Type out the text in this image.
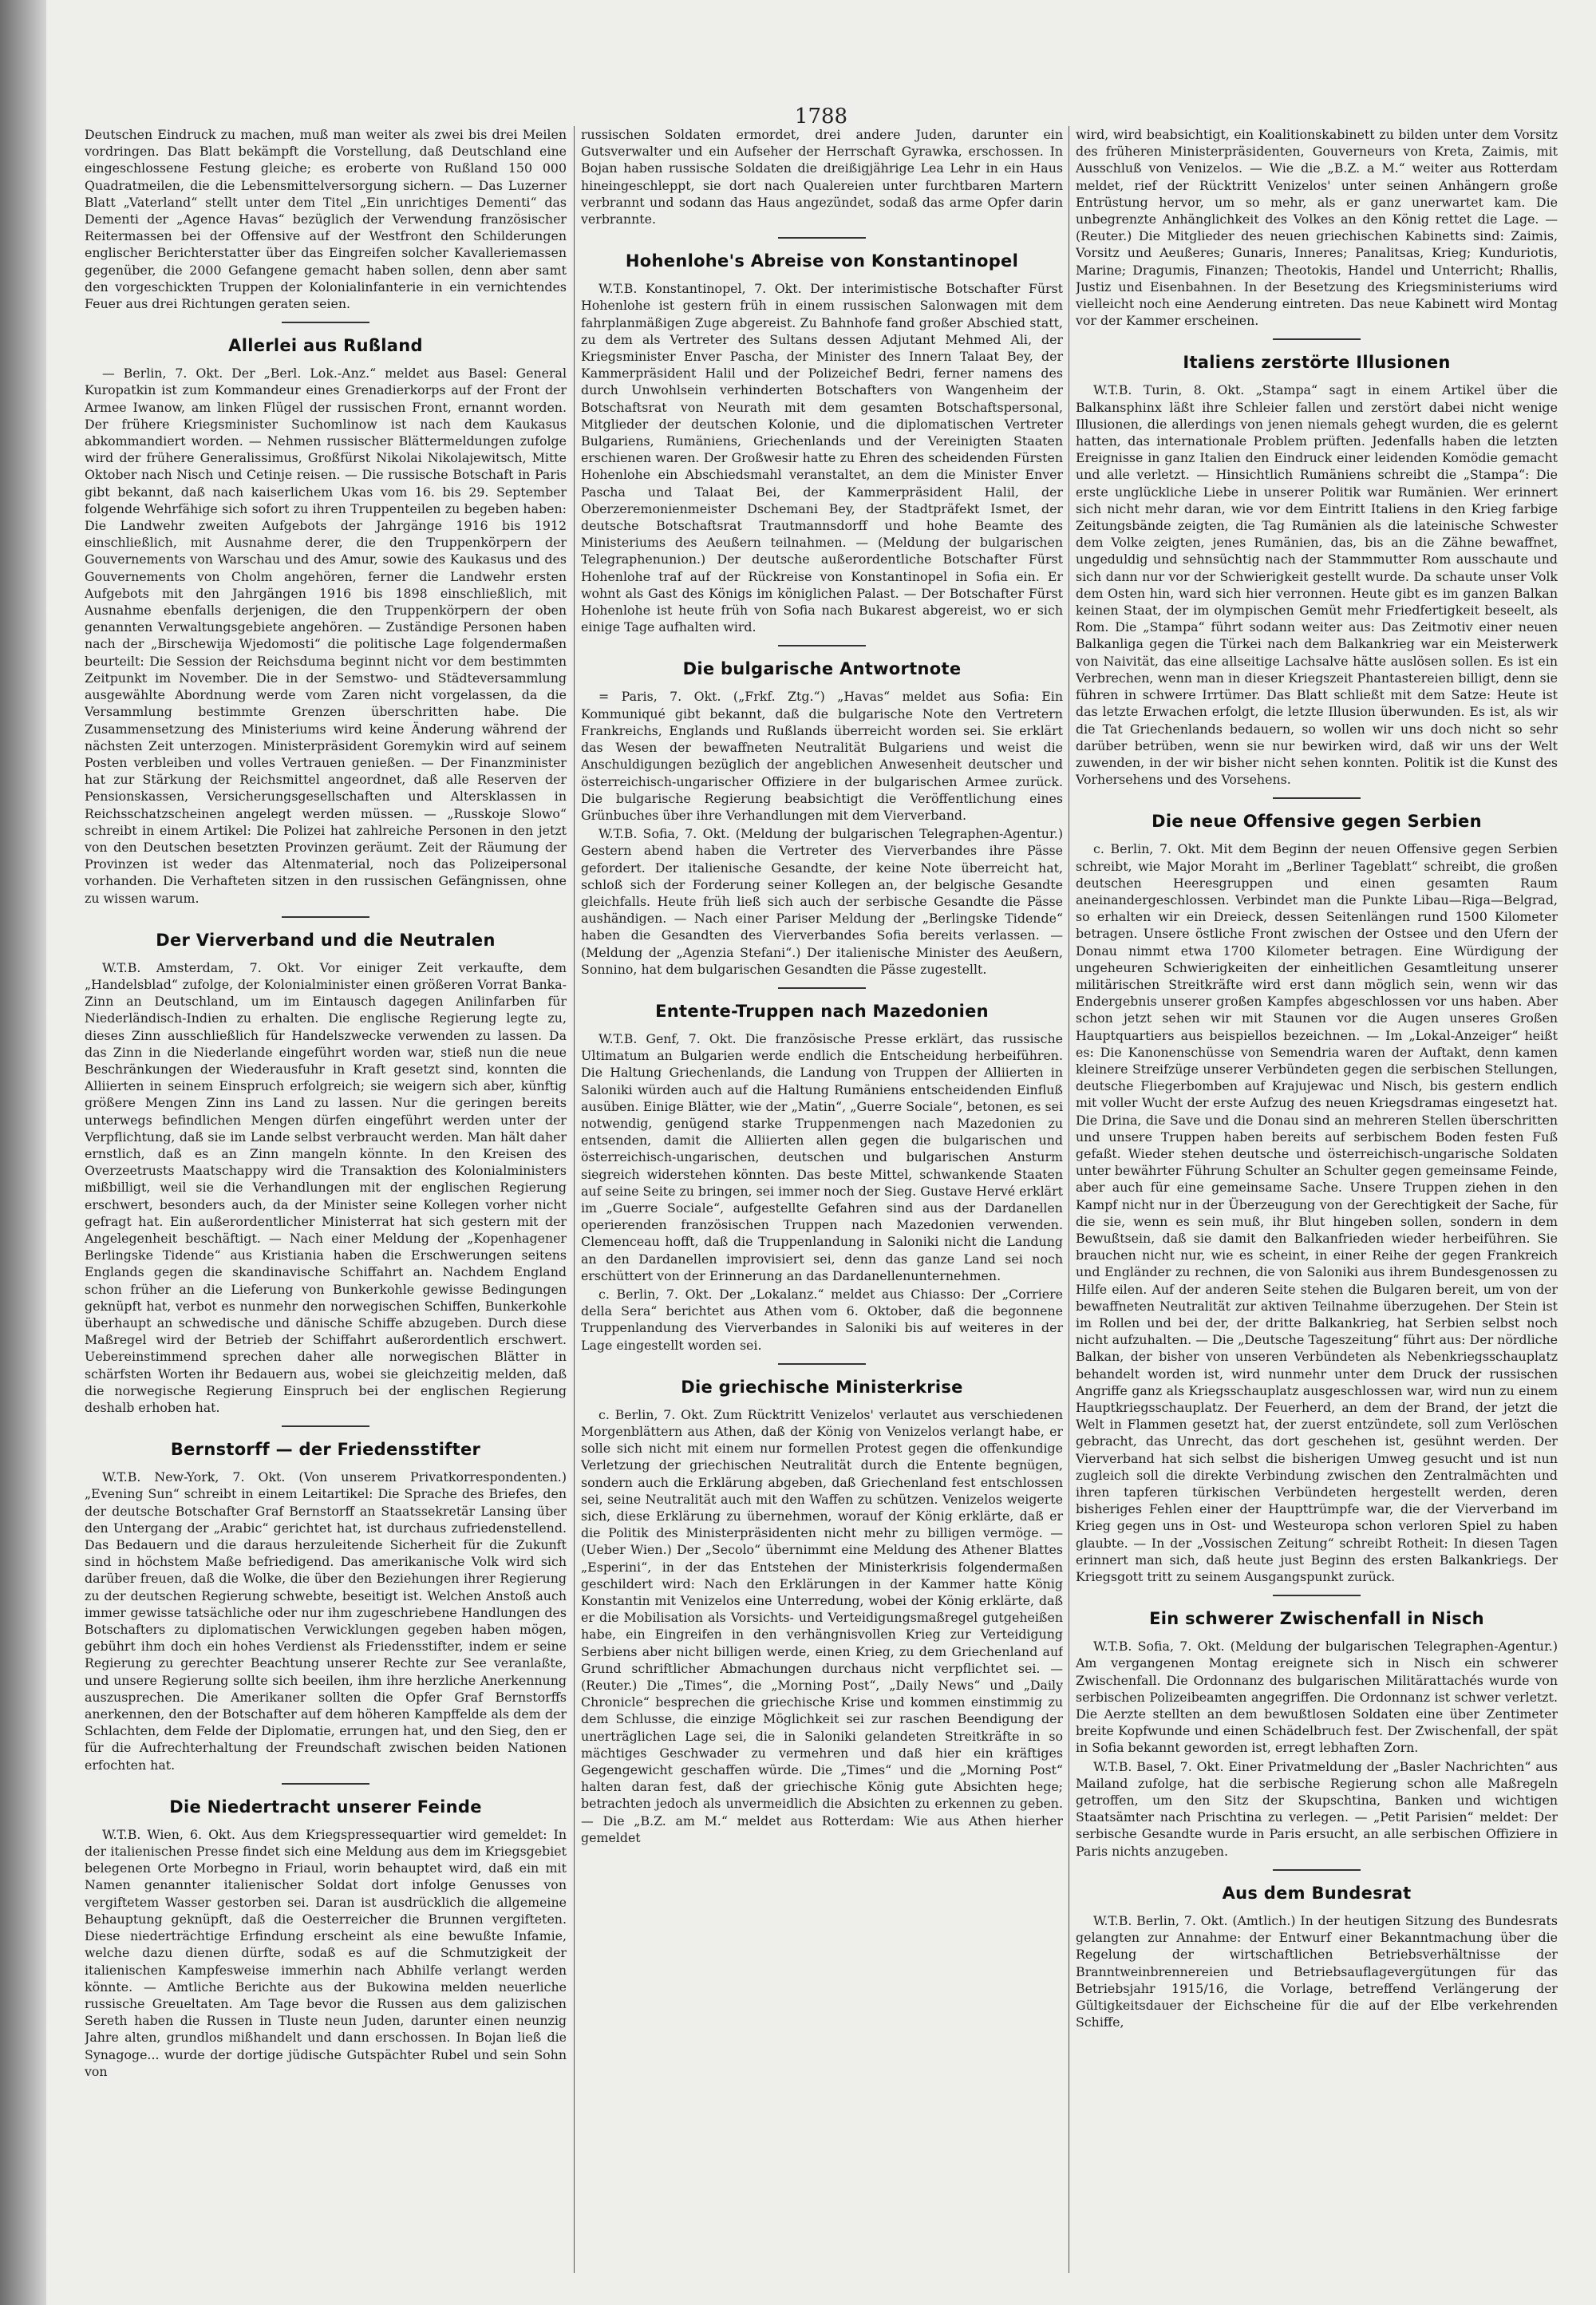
1788

Deutschen Eindruck zu machen, muß man weiter als zwei bis drei Meilen vordringen. Das Blatt bekämpft die Vorstellung, daß Deutschland eine eingeschlossene Festung gleiche; es eroberte von Rußland 150 000 Quadratmeilen, die die Lebensmittelversorgung sichern. — Das Luzerner Blatt „Vaterland“ stellt unter dem Titel „Ein unrichtiges Dementi“ das Dementi der „Agence Havas“ bezüglich der Verwendung französischer Reitermassen bei der Offensive auf der Westfront den Schilderungen englischer Berichterstatter über das Eingreifen solcher Kavalleriemassen gegenüber, die 2000 Gefangene gemacht haben sollen, denn aber samt den vorgeschickten Truppen der Kolonialinfanterie in ein vernichtendes Feuer aus drei Richtungen geraten seien.

Allerlei aus Rußland

— Berlin, 7. Okt. Der „Berl. Lok.-Anz.“ meldet aus Basel: General Kuropatkin ist zum Kommandeur eines Grenadierkorps auf der Front der Armee Iwanow, am linken Flügel der russischen Front, ernannt worden. Der frühere Kriegsminister Suchomlinow ist nach dem Kaukasus abkommandiert worden. — Nehmen russischer Blättermeldungen zufolge wird der frühere Generalissimus, Großfürst Nikolai Nikolajewitsch, Mitte Oktober nach Nisch und Cetinje reisen. — Die russische Botschaft in Paris gibt bekannt, daß nach kaiserlichem Ukas vom 16. bis 29. September folgende Wehrfähige sich sofort zu ihren Truppenteilen zu begeben haben: Die Landwehr zweiten Aufgebots der Jahrgänge 1916 bis 1912 einschließlich, mit Ausnahme derer, die den Truppenkörpern der Gouvernements von Warschau und des Amur, sowie des Kaukasus und des Gouvernements von Cholm angehören, ferner die Landwehr ersten Aufgebots mit den Jahrgängen 1916 bis 1898 einschließlich, mit Ausnahme ebenfalls derjenigen, die den Truppenkörpern der oben genannten Verwaltungsgebiete angehören. — Zuständige Personen haben nach der „Birschewija Wjedomosti“ die politische Lage folgendermaßen beurteilt: Die Session der Reichsduma beginnt nicht vor dem bestimmten Zeitpunkt im November. Die in der Semstwo- und Städteversammlung ausgewählte Abordnung werde vom Zaren nicht vorgelassen, da die Versammlung bestimmte Grenzen überschritten habe. Die Zusammensetzung des Ministeriums wird keine Änderung während der nächsten Zeit unterzogen. Ministerpräsident Goremykin wird auf seinem Posten verbleiben und volles Vertrauen genießen. — Der Finanzminister hat zur Stärkung der Reichsmittel angeordnet, daß alle Reserven der Pensionskassen, Versicherungsgesellschaften und Altersklassen in Reichsschatzscheinen angelegt werden müssen. — „Russkoje Slowo“ schreibt in einem Artikel: Die Polizei hat zahlreiche Personen in den jetzt von den Deutschen besetzten Provinzen geräumt. Zeit der Räumung der Provinzen ist weder das Altenmaterial, noch das Polizeipersonal vorhanden. Die Verhafteten sitzen in den russischen Gefängnissen, ohne zu wissen warum.

Der Vierverband und die Neutralen

W.T.B. Amsterdam, 7. Okt. Vor einiger Zeit verkaufte, dem „Handelsblad“ zufolge, der Kolonialminister einen größeren Vorrat Banka-Zinn an Deutschland, um im Eintausch dagegen Anilinfarben für Niederländisch-Indien zu erhalten. Die englische Regierung legte zu, dieses Zinn ausschließlich für Handelszwecke verwenden zu lassen. Da das Zinn in die Niederlande eingeführt worden war, stieß nun die neue Beschränkungen der Wiederausfuhr in Kraft gesetzt sind, konnten die Alliierten in seinem Einspruch erfolgreich; sie weigern sich aber, künftig größere Mengen Zinn ins Land zu lassen. Nur die geringen bereits unterwegs befindlichen Mengen dürfen eingeführt werden unter der Verpflichtung, daß sie im Lande selbst verbraucht werden. Man hält daher ernstlich, daß es an Zinn mangeln könnte. In den Kreisen des Overzeetrusts Maatschappy wird die Transaktion des Kolonialministers mißbilligt, weil sie die Verhandlungen mit der englischen Regierung erschwert, besonders auch, da der Minister seine Kollegen vorher nicht gefragt hat. Ein außerordentlicher Ministerrat hat sich gestern mit der Angelegenheit beschäftigt. — Nach einer Meldung der „Kopenhagener Berlingske Tidende“ aus Kristiania haben die Erschwerungen seitens Englands gegen die skandinavische Schiffahrt an. Nachdem England schon früher an die Lieferung von Bunkerkohle gewisse Bedingungen geknüpft hat, verbot es nunmehr den norwegischen Schiffen, Bunkerkohle überhaupt an schwedische und dänische Schiffe abzugeben. Durch diese Maßregel wird der Betrieb der Schiffahrt außerordentlich erschwert. Uebereinstimmend sprechen daher alle norwegischen Blätter in schärfsten Worten ihr Bedauern aus, wobei sie gleichzeitig melden, daß die norwegische Regierung Einspruch bei der englischen Regierung deshalb erhoben hat.

Bernstorff — der Friedensstifter

W.T.B. New-York, 7. Okt. (Von unserem Privatkorrespondenten.) „Evening Sun“ schreibt in einem Leitartikel: Die Sprache des Briefes, den der deutsche Botschafter Graf Bernstorff an Staatssekretär Lansing über den Untergang der „Arabic“ gerichtet hat, ist durchaus zufriedenstellend. Das Bedauern und die daraus herzuleitende Sicherheit für die Zukunft sind in höchstem Maße befriedigend. Das amerikanische Volk wird sich darüber freuen, daß die Wolke, die über den Beziehungen ihrer Regierung zu der deutschen Regierung schwebte, beseitigt ist. Welchen Anstoß auch immer gewisse tatsächliche oder nur ihm zugeschriebene Handlungen des Botschafters zu diplomatischen Verwicklungen gegeben haben mögen, gebührt ihm doch ein hohes Verdienst als Friedensstifter, indem er seine Regierung zu gerechter Beachtung unserer Rechte zur See veranlaßte, und unsere Regierung sollte sich beeilen, ihm ihre herzliche Anerkennung auszusprechen. Die Amerikaner sollten die Opfer Graf Bernstorffs anerkennen, den der Botschafter auf dem höheren Kampffelde als dem der Schlachten, dem Felde der Diplomatie, errungen hat, und den Sieg, den er für die Aufrechterhaltung der Freundschaft zwischen beiden Nationen erfochten hat.

Die Niedertracht unserer Feinde

W.T.B. Wien, 6. Okt. Aus dem Kriegspressequartier wird gemeldet: In der italienischen Presse findet sich eine Meldung aus dem im Kriegsgebiet belegenen Orte Morbegno in Friaul, worin behauptet wird, daß ein mit Namen genannter italienischer Soldat dort infolge Genusses von vergiftetem Wasser gestorben sei. Daran ist ausdrücklich die allgemeine Behauptung geknüpft, daß die Oesterreicher die Brunnen vergifteten. Diese niederträchtige Erfindung erscheint als eine bewußte Infamie, welche dazu dienen dürfte, sodaß es auf die Schmutzigkeit der italienischen Kampfesweise immerhin nach Abhilfe verlangt werden könnte. — Amtliche Berichte aus der Bukowina melden neuerliche russische Greueltaten. Am Tage bevor die Russen aus dem galizischen Sereth haben die Russen in Tluste neun Juden, darunter einen neunzig Jahre alten, grundlos mißhandelt und dann erschossen. In Bojan ließ die Synagoge... wurde der dortige jüdische Gutspächter Rubel und sein Sohn von

russischen Soldaten ermordet, drei andere Juden, darunter ein Gutsverwalter und ein Aufseher der Herrschaft Gyrawka, erschossen. In Bojan haben russische Soldaten die dreißigjährige Lea Lehr in ein Haus hineingeschleppt, sie dort nach Qualereien unter furchtbaren Martern verbrannt und sodann das Haus angezündet, sodaß das arme Opfer darin verbrannte.

Hohenlohe's Abreise von Konstantinopel

W.T.B. Konstantinopel, 7. Okt. Der interimistische Botschafter Fürst Hohenlohe ist gestern früh in einem russischen Salonwagen mit dem fahrplanmäßigen Zuge abgereist. Zu Bahnhofe fand großer Abschied statt, zu dem als Vertreter des Sultans dessen Adjutant Mehmed Ali, der Kriegsminister Enver Pascha, der Minister des Innern Talaat Bey, der Kammerpräsident Halil und der Polizeichef Bedri, ferner namens des durch Unwohlsein verhinderten Botschafters von Wangenheim der Botschaftsrat von Neurath mit dem gesamten Botschaftspersonal, Mitglieder der deutschen Kolonie, und die diplomatischen Vertreter Bulgariens, Rumäniens, Griechenlands und der Vereinigten Staaten erschienen waren. Der Großwesir hatte zu Ehren des scheidenden Fürsten Hohenlohe ein Abschiedsmahl veranstaltet, an dem die Minister Enver Pascha und Talaat Bei, der Kammerpräsident Halil, der Oberzeremonienmeister Dschemani Bey, der Stadtpräfekt Ismet, der deutsche Botschaftsrat Trautmannsdorff und hohe Beamte des Ministeriums des Aeußern teilnahmen. — (Meldung der bulgarischen Telegraphenunion.) Der deutsche außerordentliche Botschafter Fürst Hohenlohe traf auf der Rückreise von Konstantinopel in Sofia ein. Er wohnt als Gast des Königs im königlichen Palast. — Der Botschafter Fürst Hohenlohe ist heute früh von Sofia nach Bukarest abgereist, wo er sich einige Tage aufhalten wird.

Die bulgarische Antwortnote

= Paris, 7. Okt. („Frkf. Ztg.“) „Havas“ meldet aus Sofia: Ein Kommuniqué gibt bekannt, daß die bulgarische Note den Vertretern Frankreichs, Englands und Rußlands überreicht worden sei. Sie erklärt das Wesen der bewaffneten Neutralität Bulgariens und weist die Anschuldigungen bezüglich der angeblichen Anwesenheit deutscher und österreichisch-ungarischer Offiziere in der bulgarischen Armee zurück. Die bulgarische Regierung beabsichtigt die Veröffentlichung eines Grünbuches über ihre Verhandlungen mit dem Vierverband.

W.T.B. Sofia, 7. Okt. (Meldung der bulgarischen Telegraphen-Agentur.) Gestern abend haben die Vertreter des Vierverbandes ihre Pässe gefordert. Der italienische Gesandte, der keine Note überreicht hat, schloß sich der Forderung seiner Kollegen an, der belgische Gesandte gleichfalls. Heute früh ließ sich auch der serbische Gesandte die Pässe aushändigen. — Nach einer Pariser Meldung der „Berlingske Tidende“ haben die Gesandten des Vierverbandes Sofia bereits verlassen. — (Meldung der „Agenzia Stefani“.) Der italienische Minister des Aeußern, Sonnino, hat dem bulgarischen Gesandten die Pässe zugestellt.

Entente-Truppen nach Mazedonien

W.T.B. Genf, 7. Okt. Die französische Presse erklärt, das russische Ultimatum an Bulgarien werde endlich die Entscheidung herbeiführen. Die Haltung Griechenlands, die Landung von Truppen der Alliierten in Saloniki würden auch auf die Haltung Rumäniens entscheidenden Einfluß ausüben. Einige Blätter, wie der „Matin“, „Guerre Sociale“, betonen, es sei notwendig, genügend starke Truppenmengen nach Mazedonien zu entsenden, damit die Alliierten allen gegen die bulgarischen und österreichisch-ungarischen, deutschen und bulgarischen Ansturm siegreich widerstehen könnten. Das beste Mittel, schwankende Staaten auf seine Seite zu bringen, sei immer noch der Sieg. Gustave Hervé erklärt im „Guerre Sociale“, aufgestellte Gefahren sind aus der Dardanellen operierenden französischen Truppen nach Mazedonien verwenden. Clemenceau hofft, daß die Truppenlandung in Saloniki nicht die Landung an den Dardanellen improvisiert sei, denn das ganze Land sei noch erschüttert von der Erinnerung an das Dardanellenunternehmen.

c. Berlin, 7. Okt. Der „Lokalanz.“ meldet aus Chiasso: Der „Corriere della Sera“ berichtet aus Athen vom 6. Oktober, daß die begonnene Truppenlandung des Vierverbandes in Saloniki bis auf weiteres in der Lage eingestellt worden sei.

Die griechische Ministerkrise

c. Berlin, 7. Okt. Zum Rücktritt Venizelos' verlautet aus verschiedenen Morgenblättern aus Athen, daß der König von Venizelos verlangt habe, er solle sich nicht mit einem nur formellen Protest gegen die offenkundige Verletzung der griechischen Neutralität durch die Entente begnügen, sondern auch die Erklärung abgeben, daß Griechenland fest entschlossen sei, seine Neutralität auch mit den Waffen zu schützen. Venizelos weigerte sich, diese Erklärung zu übernehmen, worauf der König erklärte, daß er die Politik des Ministerpräsidenten nicht mehr zu billigen vermöge. — (Ueber Wien.) Der „Secolo“ übernimmt eine Meldung des Athener Blattes „Esperini“, in der das Entstehen der Ministerkrisis folgendermaßen geschildert wird: Nach den Erklärungen in der Kammer hatte König Konstantin mit Venizelos eine Unterredung, wobei der König erklärte, daß er die Mobilisation als Vorsichts- und Verteidigungsmaßregel gutgeheißen habe, ein Eingreifen in den verhängnisvollen Krieg zur Verteidigung Serbiens aber nicht billigen werde, einen Krieg, zu dem Griechenland auf Grund schriftlicher Abmachungen durchaus nicht verpflichtet sei. — (Reuter.) Die „Times“, die „Morning Post“, „Daily News“ und „Daily Chronicle“ besprechen die griechische Krise und kommen einstimmig zu dem Schlusse, die einzige Möglichkeit sei zur raschen Beendigung der unerträglichen Lage sei, die in Saloniki gelandeten Streitkräfte in so mächtiges Geschwader zu vermehren und daß hier ein kräftiges Gegengewicht geschaffen würde. Die „Times“ und die „Morning Post“ halten daran fest, daß der griechische König gute Absichten hege; betrachten jedoch als unvermeidlich die Absichten zu erkennen zu geben. — Die „B.Z. am M.“ meldet aus Rotterdam: Wie aus Athen hierher gemeldet

wird, wird beabsichtigt, ein Koalitionskabinett zu bilden unter dem Vorsitz des früheren Ministerpräsidenten, Gouverneurs von Kreta, Zaimis, mit Ausschluß von Venizelos. — Wie die „B.Z. a M.“ weiter aus Rotterdam meldet, rief der Rücktritt Venizelos' unter seinen Anhängern große Entrüstung hervor, um so mehr, als er ganz unerwartet kam. Die unbegrenzte Anhänglichkeit des Volkes an den König rettet die Lage. — (Reuter.) Die Mitglieder des neuen griechischen Kabinetts sind: Zaimis, Vorsitz und Aeußeres; Gunaris, Inneres; Panalitsas, Krieg; Kunduriotis, Marine; Dragumis, Finanzen; Theotokis, Handel und Unterricht; Rhallis, Justiz und Eisenbahnen. In der Besetzung des Kriegsministeriums wird vielleicht noch eine Aenderung eintreten. Das neue Kabinett wird Montag vor der Kammer erscheinen.

Italiens zerstörte Illusionen

W.T.B. Turin, 8. Okt. „Stampa“ sagt in einem Artikel über die Balkansphinx läßt ihre Schleier fallen und zerstört dabei nicht wenige Illusionen, die allerdings von jenen niemals gehegt wurden, die es gelernt hatten, das internationale Problem prüften. Jedenfalls haben die letzten Ereignisse in ganz Italien den Eindruck einer leidenden Komödie gemacht und alle verletzt. — Hinsichtlich Rumäniens schreibt die „Stampa“: Die erste unglückliche Liebe in unserer Politik war Rumänien. Wer erinnert sich nicht mehr daran, wie vor dem Eintritt Italiens in den Krieg farbige Zeitungsbände zeigten, die Tag Rumänien als die lateinische Schwester dem Volke zeigten, jenes Rumänien, das, bis an die Zähne bewaffnet, ungeduldig und sehnsüchtig nach der Stammmutter Rom ausschaute und sich dann nur vor der Schwierigkeit gestellt wurde. Da schaute unser Volk dem Osten hin, ward sich hier verronnen. Heute gibt es im ganzen Balkan keinen Staat, der im olympischen Gemüt mehr Friedfertigkeit beseelt, als Rom. Die „Stampa“ führt sodann weiter aus: Das Zeitmotiv einer neuen Balkanliga gegen die Türkei nach dem Balkankrieg war ein Meisterwerk von Naivität, das eine allseitige Lachsalve hätte auslösen sollen. Es ist ein Verbrechen, wenn man in dieser Kriegszeit Phantastereien billigt, denn sie führen in schwere Irrtümer. Das Blatt schließt mit dem Satze: Heute ist das letzte Erwachen erfolgt, die letzte Illusion überwunden. Es ist, als wir die Tat Griechenlands bedauern, so wollen wir uns doch nicht so sehr darüber betrüben, wenn sie nur bewirken wird, daß wir uns der Welt zuwenden, in der wir bisher nicht sehen konnten. Politik ist die Kunst des Vorhersehens und des Vorsehens.

Die neue Offensive gegen Serbien

c. Berlin, 7. Okt. Mit dem Beginn der neuen Offensive gegen Serbien schreibt, wie Major Moraht im „Berliner Tageblatt“ schreibt, die großen deutschen Heeresgruppen und einen gesamten Raum aneinandergeschlossen. Verbindet man die Punkte Libau—Riga—Belgrad, so erhalten wir ein Dreieck, dessen Seitenlängen rund 1500 Kilometer betragen. Unsere östliche Front zwischen der Ostsee und den Ufern der Donau nimmt etwa 1700 Kilometer betragen. Eine Würdigung der ungeheuren Schwierigkeiten der einheitlichen Gesamtleitung unserer militärischen Streitkräfte wird erst dann möglich sein, wenn wir das Endergebnis unserer großen Kampfes abgeschlossen vor uns haben. Aber schon jetzt sehen wir mit Staunen vor die Augen unseres Großen Hauptquartiers aus beispiellos bezeichnen. — Im „Lokal-Anzeiger“ heißt es: Die Kanonenschüsse von Semendria waren der Auftakt, denn kamen kleinere Streifzüge unserer Verbündeten gegen die serbischen Stellungen, deutsche Fliegerbomben auf Krajujewac und Nisch, bis gestern endlich mit voller Wucht der erste Aufzug des neuen Kriegsdramas eingesetzt hat. Die Drina, die Save und die Donau sind an mehreren Stellen überschritten und unsere Truppen haben bereits auf serbischem Boden festen Fuß gefaßt. Wieder stehen deutsche und österreichisch-ungarische Soldaten unter bewährter Führung Schulter an Schulter gegen gemeinsame Feinde, aber auch für eine gemeinsame Sache. Unsere Truppen ziehen in den Kampf nicht nur in der Überzeugung von der Gerechtigkeit der Sache, für die sie, wenn es sein muß, ihr Blut hingeben sollen, sondern in dem Bewußtsein, daß sie damit den Balkanfrieden wieder herbeiführen. Sie brauchen nicht nur, wie es scheint, in einer Reihe der gegen Frankreich und Engländer zu rechnen, die von Saloniki aus ihrem Bundesgenossen zu Hilfe eilen. Auf der anderen Seite stehen die Bulgaren bereit, um von der bewaffneten Neutralität zur aktiven Teilnahme überzugehen. Der Stein ist im Rollen und bei der, der dritte Balkankrieg, hat Serbien selbst noch nicht aufzuhalten. — Die „Deutsche Tageszeitung“ führt aus: Der nördliche Balkan, der bisher von unseren Verbündeten als Nebenkriegsschauplatz behandelt worden ist, wird nunmehr unter dem Druck der russischen Angriffe ganz als Kriegsschauplatz ausgeschlossen war, wird nun zu einem Hauptkriegsschauplatz. Der Feuerherd, an dem der Brand, der jetzt die Welt in Flammen gesetzt hat, der zuerst entzündete, soll zum Verlöschen gebracht, das Unrecht, das dort geschehen ist, gesühnt werden. Der Vierverband hat sich selbst die bisherigen Umweg gesucht und ist nun zugleich soll die direkte Verbindung zwischen den Zentralmächten und ihren tapferen türkischen Verbündeten hergestellt werden, deren bisheriges Fehlen einer der Haupttrümpfe war, die der Vierverband im Krieg gegen uns in Ost- und Westeuropa schon verloren Spiel zu haben glaubte. — In der „Vossischen Zeitung“ schreibt Rotheit: In diesen Tagen erinnert man sich, daß heute just Beginn des ersten Balkankriegs. Der Kriegsgott tritt zu seinem Ausgangspunkt zurück.

Ein schwerer Zwischenfall in Nisch

W.T.B. Sofia, 7. Okt. (Meldung der bulgarischen Telegraphen-Agentur.) Am vergangenen Montag ereignete sich in Nisch ein schwerer Zwischenfall. Die Ordonnanz des bulgarischen Militärattachés wurde von serbischen Polizeibeamten angegriffen. Die Ordonnanz ist schwer verletzt. Die Aerzte stellten an dem bewußtlosen Soldaten eine über Zentimeter breite Kopfwunde und einen Schädelbruch fest. Der Zwischenfall, der spät in Sofia bekannt geworden ist, erregt lebhaften Zorn.

W.T.B. Basel, 7. Okt. Einer Privatmeldung der „Basler Nachrichten“ aus Mailand zufolge, hat die serbische Regierung schon alle Maßregeln getroffen, um den Sitz der Skupschtina, Banken und wichtigen Staatsämter nach Prischtina zu verlegen. — „Petit Parisien“ meldet: Der serbische Gesandte wurde in Paris ersucht, an alle serbischen Offiziere in Paris nichts anzugeben.

Aus dem Bundesrat

W.T.B. Berlin, 7. Okt. (Amtlich.) In der heutigen Sitzung des Bundesrats gelangten zur Annahme: der Entwurf einer Bekanntmachung über die Regelung der wirtschaftlichen Betriebsverhältnisse der Branntweinbrennereien und Betriebsauflagevergütungen für das Betriebsjahr 1915/16, die Vorlage, betreffend Verlängerung der Gültigkeitsdauer der Eichscheine für die auf der Elbe verkehrenden Schiffe,
